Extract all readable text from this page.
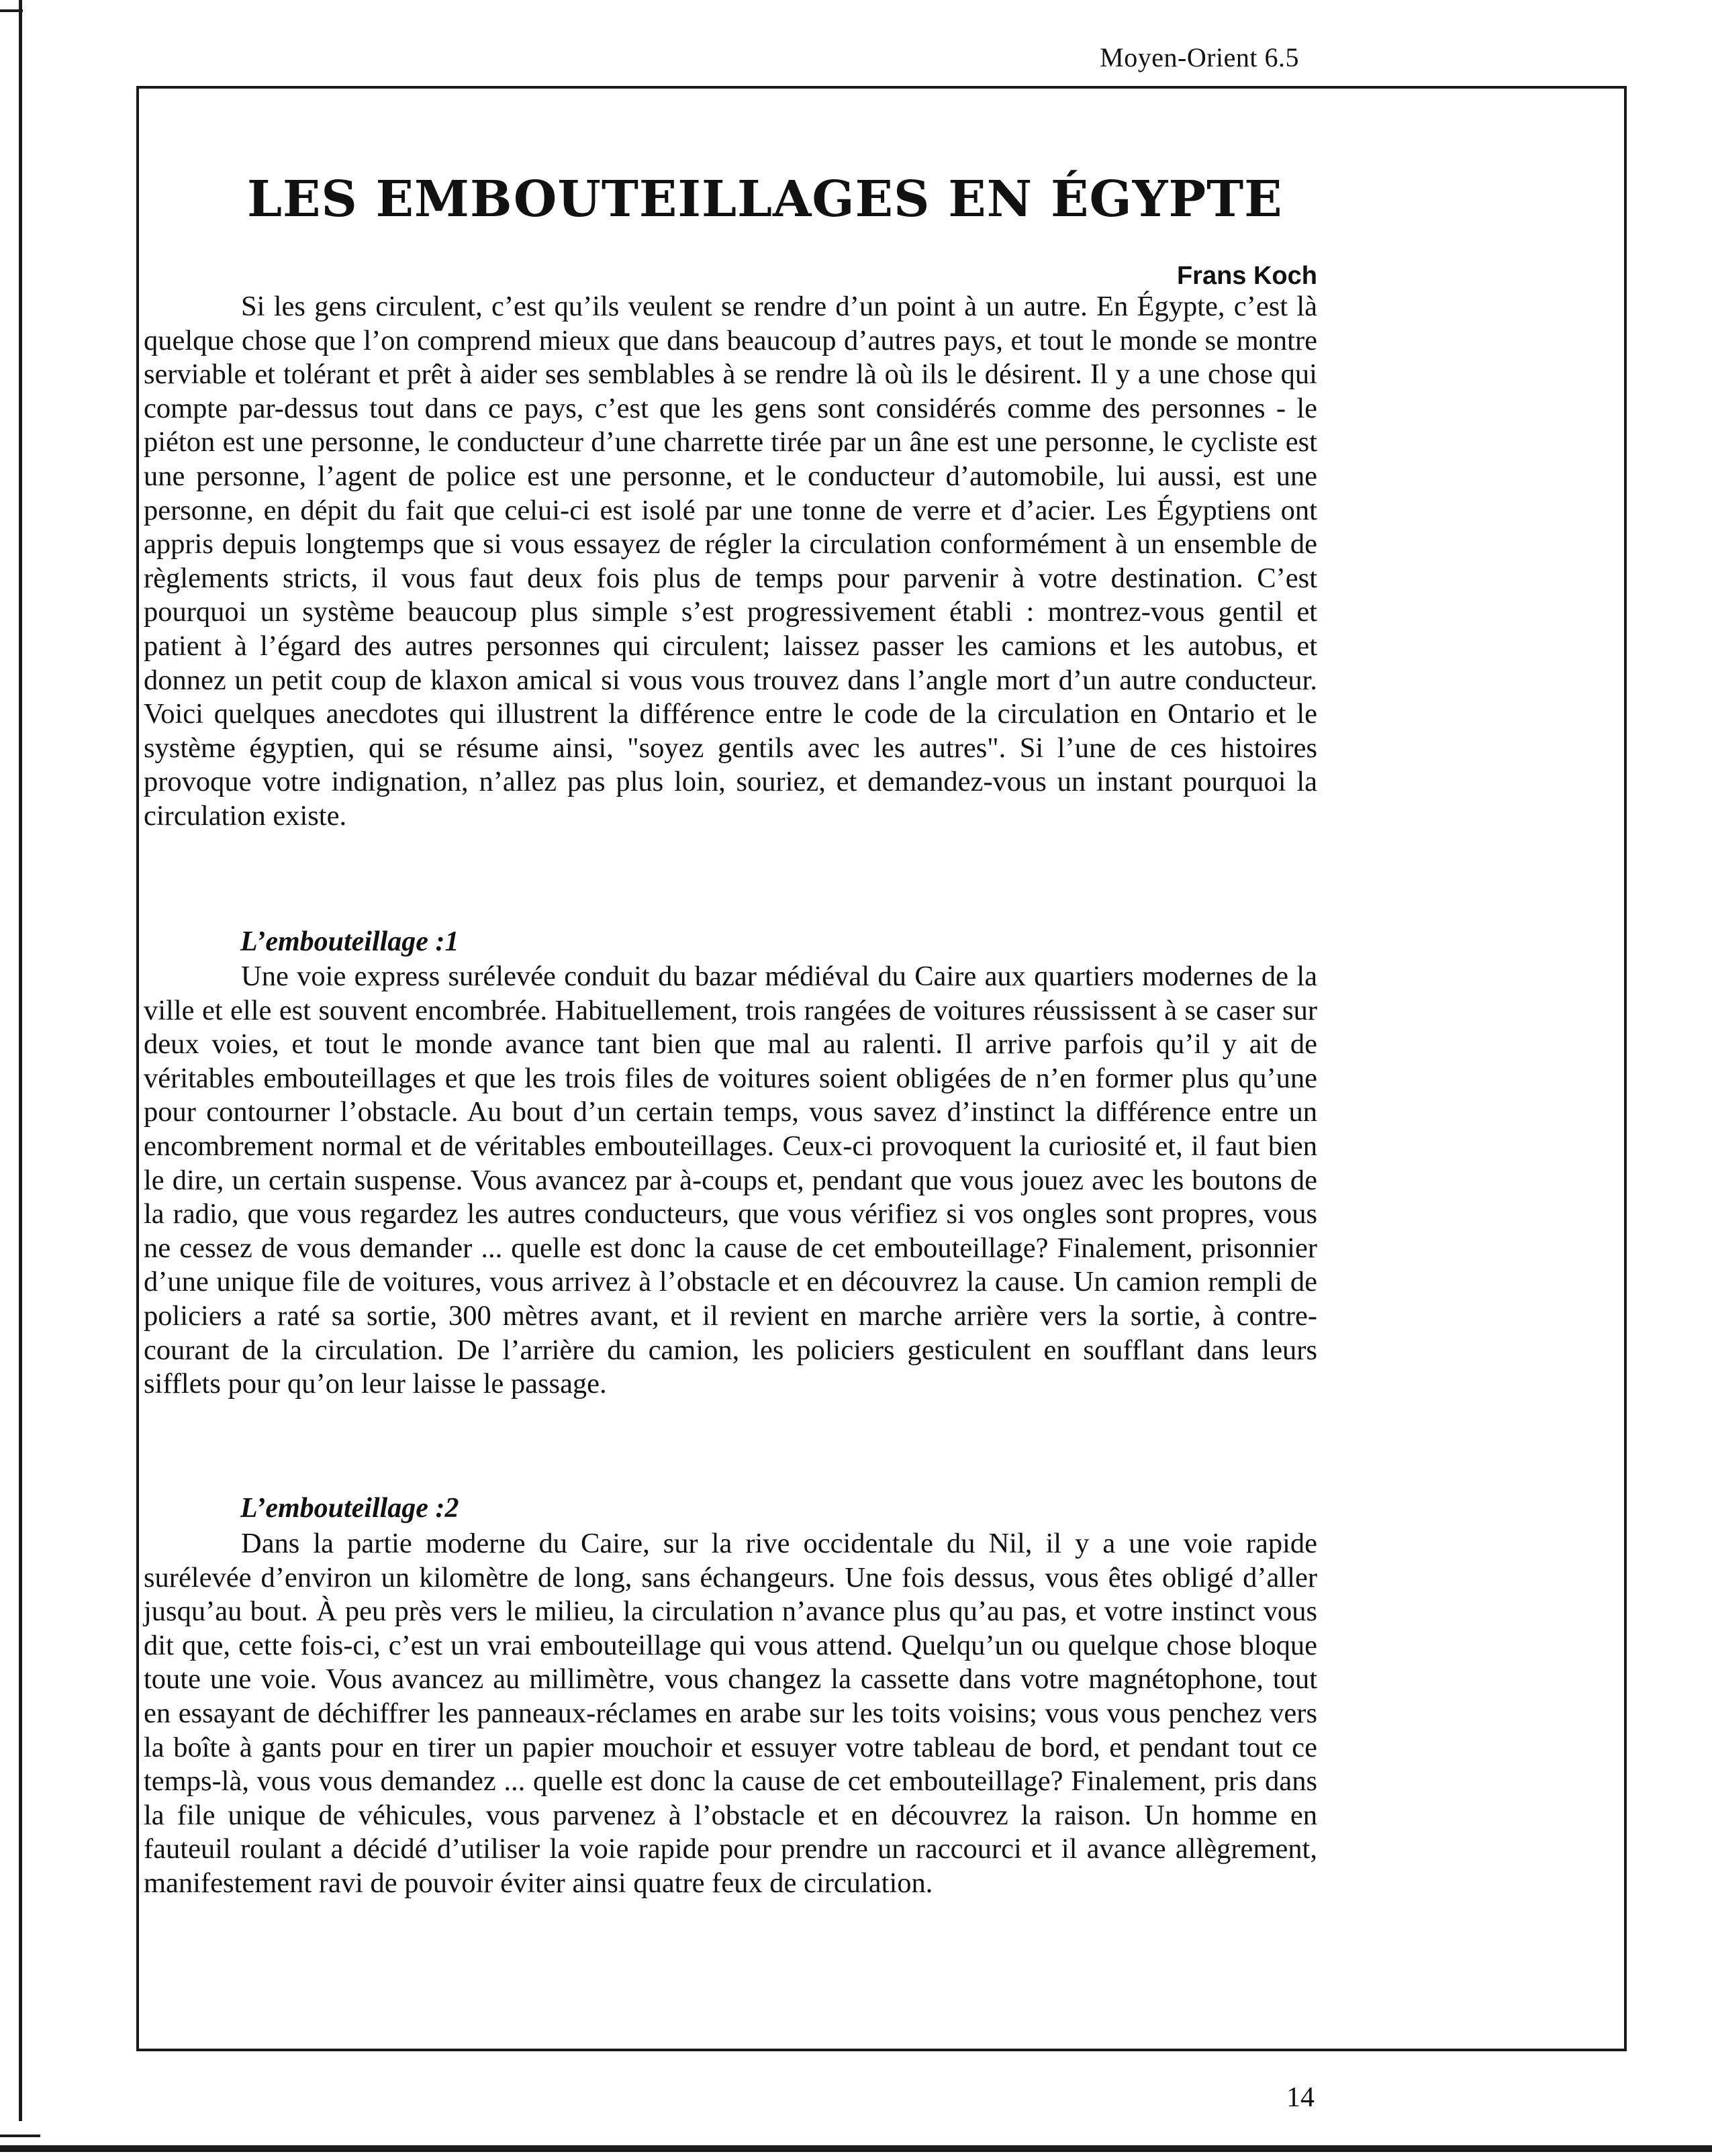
Moyen-Orient 6.5
LES EMBOUTEILLAGES EN ÉGYPTE
Frans Koch

Si les gens circulent, c’est qu’ils veulent se rendre d’un point à un autre. En Égypte, c’est là quelque chose que l’on comprend mieux que dans beaucoup d’autres pays, et tout le monde se montre serviable et tolérant et prêt à aider ses semblables à se rendre là où ils le désirent. Il y a une chose qui compte par-dessus tout dans ce pays, c’est que les gens sont considérés comme des personnes - le piéton est une personne, le conducteur d’une charrette tirée par un âne est une personne, le cycliste est une personne, l’agent de police est une personne, et le conducteur d’automobile, lui aussi, est une personne, en dépit du fait que celui-ci est isolé par une tonne de verre et d’acier. Les Égyptiens ont appris depuis longtemps que si vous essayez de régler la circulation conformément à un ensemble de règlements stricts, il vous faut deux fois plus de temps pour parvenir à votre destination. C’est pourquoi un système beaucoup plus simple s’est progressivement établi : montrez-vous gentil et patient à l’égard des autres personnes qui circulent; laissez passer les camions et les autobus, et donnez un petit coup de klaxon amical si vous vous trouvez dans l’angle mort d’un autre conducteur. Voici quelques anecdotes qui illustrent la différence entre le code de la circulation en Ontario et le système égyptien, qui se résume ainsi, "soyez gentils avec les autres". Si l’une de ces histoires provoque votre indignation, n’allez pas plus loin, souriez, et demandez-vous un instant pourquoi la circulation existe.

L’embouteillage :1

Une voie express surélevée conduit du bazar médiéval du Caire aux quartiers modernes de la ville et elle est souvent encombrée. Habituellement, trois rangées de voitures réussissent à se caser sur deux voies, et tout le monde avance tant bien que mal au ralenti. Il arrive parfois qu’il y ait de véritables embouteillages et que les trois files de voitures soient obligées de n’en former plus qu’une pour contourner l’obstacle. Au bout d’un certain temps, vous savez d’instinct la différence entre un encombrement normal et de véritables embouteillages. Ceux-ci provoquent la curiosité et, il faut bien le dire, un certain suspense. Vous avancez par à-coups et, pendant que vous jouez avec les boutons de la radio, que vous regardez les autres conducteurs, que vous vérifiez si vos ongles sont propres, vous ne cessez de vous demander ... quelle est donc la cause de cet embouteillage? Finalement, prisonnier d’une unique file de voitures, vous arrivez à l’obstacle et en découvrez la cause. Un camion rempli de policiers a raté sa sortie, 300 mètres avant, et il revient en marche arrière vers la sortie, à contre-courant de la circulation. De l’arrière du camion, les policiers gesticulent en soufflant dans leurs sifflets pour qu’on leur laisse le passage.

L’embouteillage :2

Dans la partie moderne du Caire, sur la rive occidentale du Nil, il y a une voie rapide surélevée d’environ un kilomètre de long, sans échangeurs. Une fois dessus, vous êtes obligé d’aller jusqu’au bout. À peu près vers le milieu, la circulation n’avance plus qu’au pas, et votre instinct vous dit que, cette fois-ci, c’est un vrai embouteillage qui vous attend. Quelqu’un ou quelque chose bloque toute une voie. Vous avancez au millimètre, vous changez la cassette dans votre magnétophone, tout en essayant de déchiffrer les panneaux-réclames en arabe sur les toits voisins; vous vous penchez vers la boîte à gants pour en tirer un papier mouchoir et essuyer votre tableau de bord, et pendant tout ce temps-là, vous vous demandez ... quelle est donc la cause de cet embouteillage? Finalement, pris dans la file unique de véhicules, vous parvenez à l’obstacle et en découvrez la raison. Un homme en fauteuil roulant a décidé d’utiliser la voie rapide pour prendre un raccourci et il avance allègrement, manifestement ravi de pouvoir éviter ainsi quatre feux de circulation.

14
